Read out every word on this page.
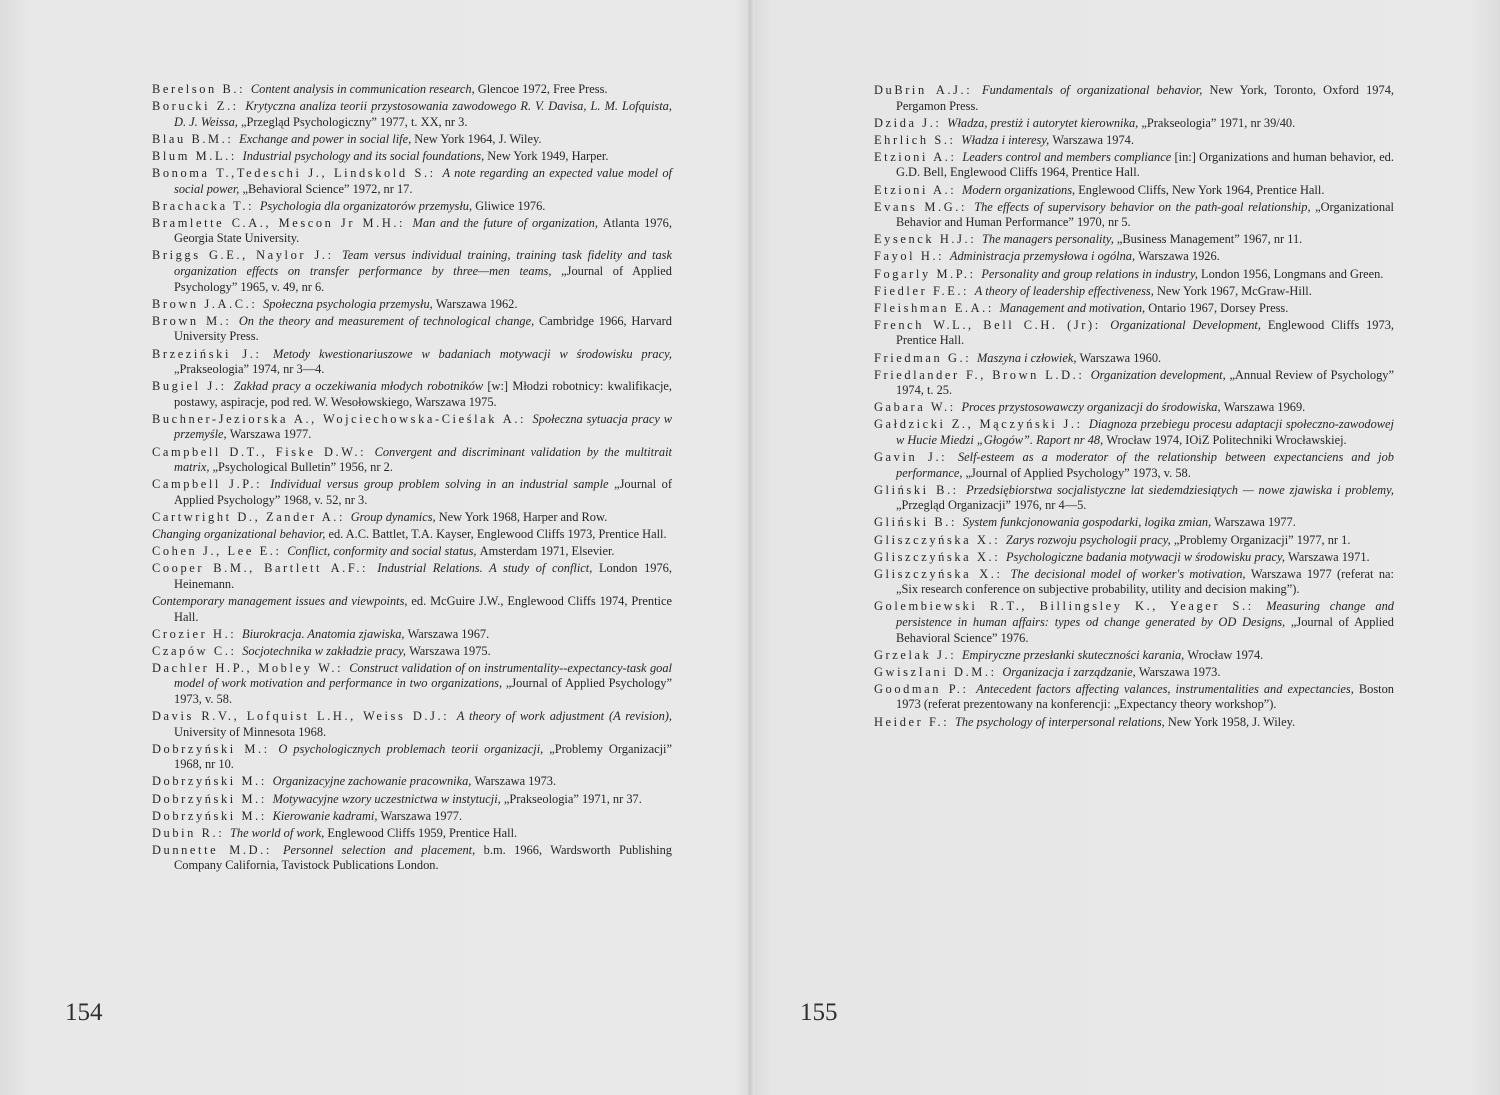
Berelson B.: Content analysis in communication research, Glencoe 1972, Free Press.
Borucki Z.: Krytyczna analiza teorii przystosowania zawodowego R. V. Davisa, L. M. Lofquista, D. J. Weissa, „Przegląd Psychologiczny” 1977, t. XX, nr 3.
Blau B.M.: Exchange and power in social life, New York 1964, J. Wiley.
Blum M.L.: Industrial psychology and its social foundations, New York 1949, Harper.
Bonoma T.,Tedeschi J., Lindskold S.: A note regarding an expected value model of social power, „Behavioral Science” 1972, nr 17.
Brachacka T.: Psychologia dla organizatorów przemysłu, Gliwice 1976.
Bramlette C.A., Mescon Jr M.H.: Man and the future of organization, Atlanta 1976, Georgia State University.
Briggs G.E., Naylor J.: Team versus individual training, training task fidelity and task organization effects on transfer performance by three—men teams, „Journal of Applied Psychology” 1965, v. 49, nr 6.
Brown J.A.C.: Społeczna psychologia przemysłu, Warszawa 1962.
Brown M.: On the theory and measurement of technological change, Cambridge 1966, Harvard University Press.
Brzeziński J.: Metody kwestionariuszowe w badaniach motywacji w środowisku pracy, „Prakseologia” 1974, nr 3—4.
Bugiel J.: Zakład pracy a oczekiwania młodych robotników [w:] Młodzi robotnicy: kwalifikacje, postawy, aspiracje, pod red. W. Wesołowskiego, Warszawa 1975.
Buchner-Jeziorska A., Wojciechowska-Cieślak A.: Społeczna sytuacja pracy w przemyśle, Warszawa 1977.
Campbell D.T., Fiske D.W.: Convergent and discriminant validation by the multitrait matrix, „Psychological Bulletin” 1956, nr 2.
Campbell J.P.: Individual versus group problem solving in an industrial sample „Journal of Applied Psychology” 1968, v. 52, nr 3.
Cartwright D., Zander A.: Group dynamics, New York 1968, Harper and Row.
Changing organizational behavior, ed. A.C. Battlet, T.A. Kayser, Englewood Cliffs 1973, Prentice Hall.
Cohen J., Lee E.: Conflict, conformity and social status, Amsterdam 1971, Elsevier.
Cooper B.M., Bartlett A.F.: Industrial Relations. A study of conflict, London 1976, Heinemann.
Contemporary management issues and viewpoints, ed. McGuire J.W., Englewood Cliffs 1974, Prentice Hall.
Crozier H.: Biurokracja. Anatomia zjawiska, Warszawa 1967.
Czapów C.: Socjotechnika w zakładzie pracy, Warszawa 1975.
Dachler H.P., Mobley W.: Construct validation of on instrumentality--expectancy-task goal model of work motivation and performance in two organizations, „Journal of Applied Psychology” 1973, v. 58.
Davis R.V., Lofquist L.H., Weiss D.J.: A theory of work adjustment (A revision), University of Minnesota 1968.
Dobrzyński M.: O psychologicznych problemach teorii organizacji, „Problemy Organizacji” 1968, nr 10.
Dobrzyński M.: Organizacyjne zachowanie pracownika, Warszawa 1973.
Dobrzyński M.: Motywacyjne wzory uczestnictwa w instytucji, „Prakseologia” 1971, nr 37.
Dobrzyński M.: Kierowanie kadrami, Warszawa 1977.
Dubin R.: The world of work, Englewood Cliffs 1959, Prentice Hall.
Dunnette M.D.: Personnel selection and placement, b.m. 1966, Wardsworth Publishing Company California, Tavistock Publications London.
154
DuBrin A.J.: Fundamentals of organizational behavior, New York, Toronto, Oxford 1974, Pergamon Press.
Dzida J.: Władza, prestiż i autorytet kierownika, „Prakseologia” 1971, nr 39/40.
Ehrlich S.: Władza i interesy, Warszawa 1974.
Etzioni A.: Leaders control and members compliance [in:] Organizations and human behavior, ed. G.D. Bell, Englewood Cliffs 1964, Prentice Hall.
Etzioni A.: Modern organizations, Englewood Cliffs, New York 1964, Prentice Hall.
Evans M.G.: The effects of supervisory behavior on the path-goal relationship, „Organizational Behavior and Human Performance” 1970, nr 5.
Eysenck H.J.: The managers personality, „Business Management” 1967, nr 11.
Fayol H.: Administracja przemysłowa i ogólna, Warszawa 1926.
Fogarly M.P.: Personality and group relations in industry, London 1956, Longmans and Green.
Fiedler F.E.: A theory of leadership effectiveness, New York 1967, McGraw-Hill.
Fleishman E.A.: Management and motivation, Ontario 1967, Dorsey Press.
French W.L., Bell C.H. (Jr): Organizational Development, Englewood Cliffs 1973, Prentice Hall.
Friedman G.: Maszyna i człowiek, Warszawa 1960.
Friedlander F., Brown L.D.: Organization development, „Annual Review of Psychology” 1974, t. 25.
Gabara W.: Proces przystosowawczy organizacji do środowiska, Warszawa 1969.
Gałdzicki Z., Mączyński J.: Diagnoza przebiegu procesu adaptacji społeczno-zawodowej w Hucie Miedzi „Głogów”. Raport nr 48, Wrocław 1974, IOiZ Politechniki Wrocławskiej.
Gavin J.: Self-esteem as a moderator of the relationship between expectanciens and job performance, „Journal of Applied Psychology” 1973, v. 58.
Gliński B.: Przedsiębiorstwa socjalistyczne lat siedemdziesiątych — nowe zjawiska i problemy, „Przegląd Organizacji” 1976, nr 4—5.
Gliński B.: System funkcjonowania gospodarki, logika zmian, Warszawa 1977.
Gliszczyńska X.: Zarys rozwoju psychologii pracy, „Problemy Organizacji” 1977, nr 1.
Gliszczyńska X.: Psychologiczne badania motywacji w środowisku pracy, Warszawa 1971.
Gliszczyńska X.: The decisional model of worker's motivation, Warszawa 1977 (referat na: „Six research conference on subjective probability, utility and decision making”).
Golembiewski R.T., Billingsley K., Yeager S.: Measuring change and persistence in human affairs: types od change generated by OD Designs, „Journal of Applied Behavioral Science” 1976.
Grzelak J.: Empiryczne przesłanki skuteczności karania, Wrocław 1974.
GwiszIani D.M.: Organizacja i zarządzanie, Warszawa 1973.
Goodman P.: Antecedent factors affecting valances, instrumentalities and expectancies, Boston 1973 (referat prezentowany na konferencji: „Expectancy theory workshop”).
Heider F.: The psychology of interpersonal relations, New York 1958, J. Wiley.
155
